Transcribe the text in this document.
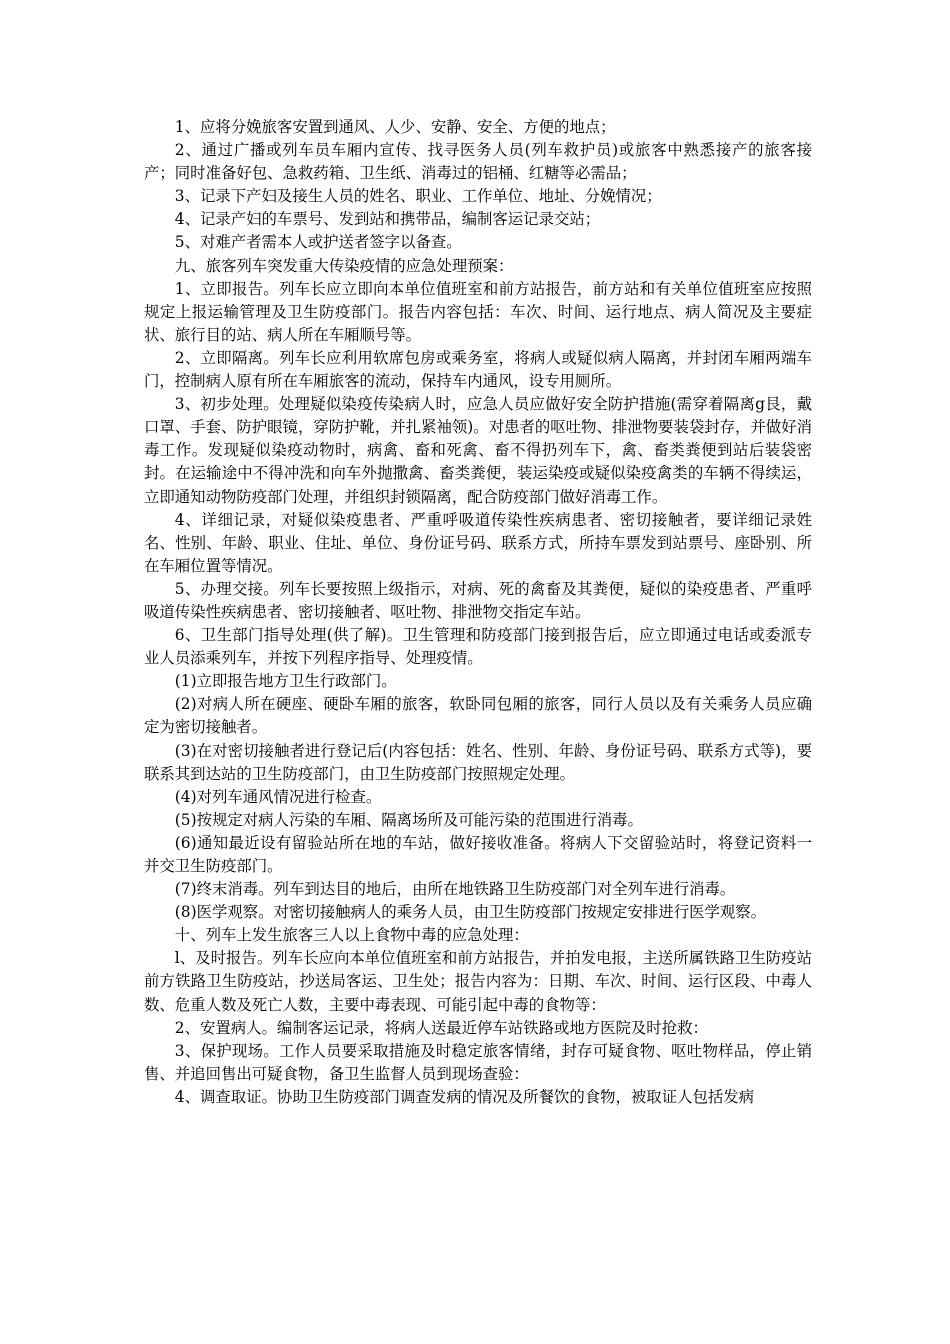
1、应将分娩旅客安置到通风、人少、安静、安全、方便的地点；

2、通过广播或列车员车厢内宣传、找寻医务人员(列车救护员)或旅客中熟悉接产的旅客接产；同时准备好包、急救药箱、卫生纸、消毒过的铝桶、红糖等必需品；

3、记录下产妇及接生人员的姓名、职业、工作单位、地址、分娩情况；

4、记录产妇的车票号、发到站和携带品，编制客运记录交站；

5、对难产者需本人或护送者签字以备查。

九、旅客列车突发重大传染疫情的应急处理预案：

1、立即报告。列车长应立即向本单位值班室和前方站报告，前方站和有关单位值班室应按照规定上报运输管理及卫生防疫部门。报告内容包括：车次、时间、运行地点、病人简况及主要症状、旅行目的站、病人所在车厢顺号等。

2、立即隔离。列车长应利用软席包房或乘务室，将病人或疑似病人隔离，并封闭车厢两端车门，控制病人原有所在车厢旅客的流动，保持车内通风，设专用厕所。

3、初步处理。处理疑似染疫传染病人时，应急人员应做好安全防护措施(需穿着隔离g艮，戴口罩、手套、防护眼镜，穿防护靴，并扎紧袖领)。对患者的呕吐物、排泄物要装袋封存，并做好消毒工作。发现疑似染疫动物时，病禽、畜和死禽、畜不得扔列车下，禽、畜类粪便到站后装袋密封。在运输途中不得冲洗和向车外抛撒禽、畜类粪便，装运染疫或疑似染疫禽类的车辆不得续运，立即通知动物防疫部门处理，并组织封锁隔离，配合防疫部门做好消毒工作。

4、详细记录，对疑似染疫患者、严重呼吸道传染性疾病患者、密切接触者，要详细记录姓名、性别、年龄、职业、住址、单位、身份证号码、联系方式，所持车票发到站票号、座卧别、所在车厢位置等情况。

5、办理交接。列车长要按照上级指示，对病、死的禽畜及其粪便，疑似的染疫患者、严重呼吸道传染性疾病患者、密切接触者、呕吐物、排泄物交指定车站。

6、卫生部门指导处理(供了解)。卫生管理和防疫部门接到报告后，应立即通过电话或委派专业人员添乘列车，并按下列程序指导、处理疫情。

(1)立即报告地方卫生行政部门。

(2)对病人所在硬座、硬卧车厢的旅客，软卧同包厢的旅客，同行人员以及有关乘务人员应确定为密切接触者。

(3)在对密切接触者进行登记后(内容包括：姓名、性别、年龄、身份证号码、联系方式等)，要联系其到达站的卫生防疫部门，由卫生防疫部门按照规定处理。

(4)对列车通风情况进行检查。

(5)按规定对病人污染的车厢、隔离场所及可能污染的范围进行消毒。

(6)通知最近设有留验站所在地的车站，做好接收准备。将病人下交留验站时，将登记资料一并交卫生防疫部门。

(7)终末消毒。列车到达目的地后，由所在地铁路卫生防疫部门对全列车进行消毒。

(8)医学观察。对密切接触病人的乘务人员，由卫生防疫部门按规定安排进行医学观察。

十、列车上发生旅客三人以上食物中毒的应急处理：

l、及时报告。列车长应向本单位值班室和前方站报告，并拍发电报，主送所属铁路卫生防疫站前方铁路卫生防疫站，抄送局客运、卫生处；报告内容为：日期、车次、时间、运行区段、中毒人数、危重人数及死亡人数，主要中毒表现、可能引起中毒的食物等：

2、安置病人。编制客运记录，将病人送最近停车站铁路或地方医院及时抢救：

3、保护现场。工作人员要采取措施及时稳定旅客情绪，封存可疑食物、呕吐物样品，停止销售、并追回售出可疑食物，备卫生监督人员到现场查验：

4、调查取证。协助卫生防疫部门调查发病的情况及所餐饮的食物，被取证人包括发病
